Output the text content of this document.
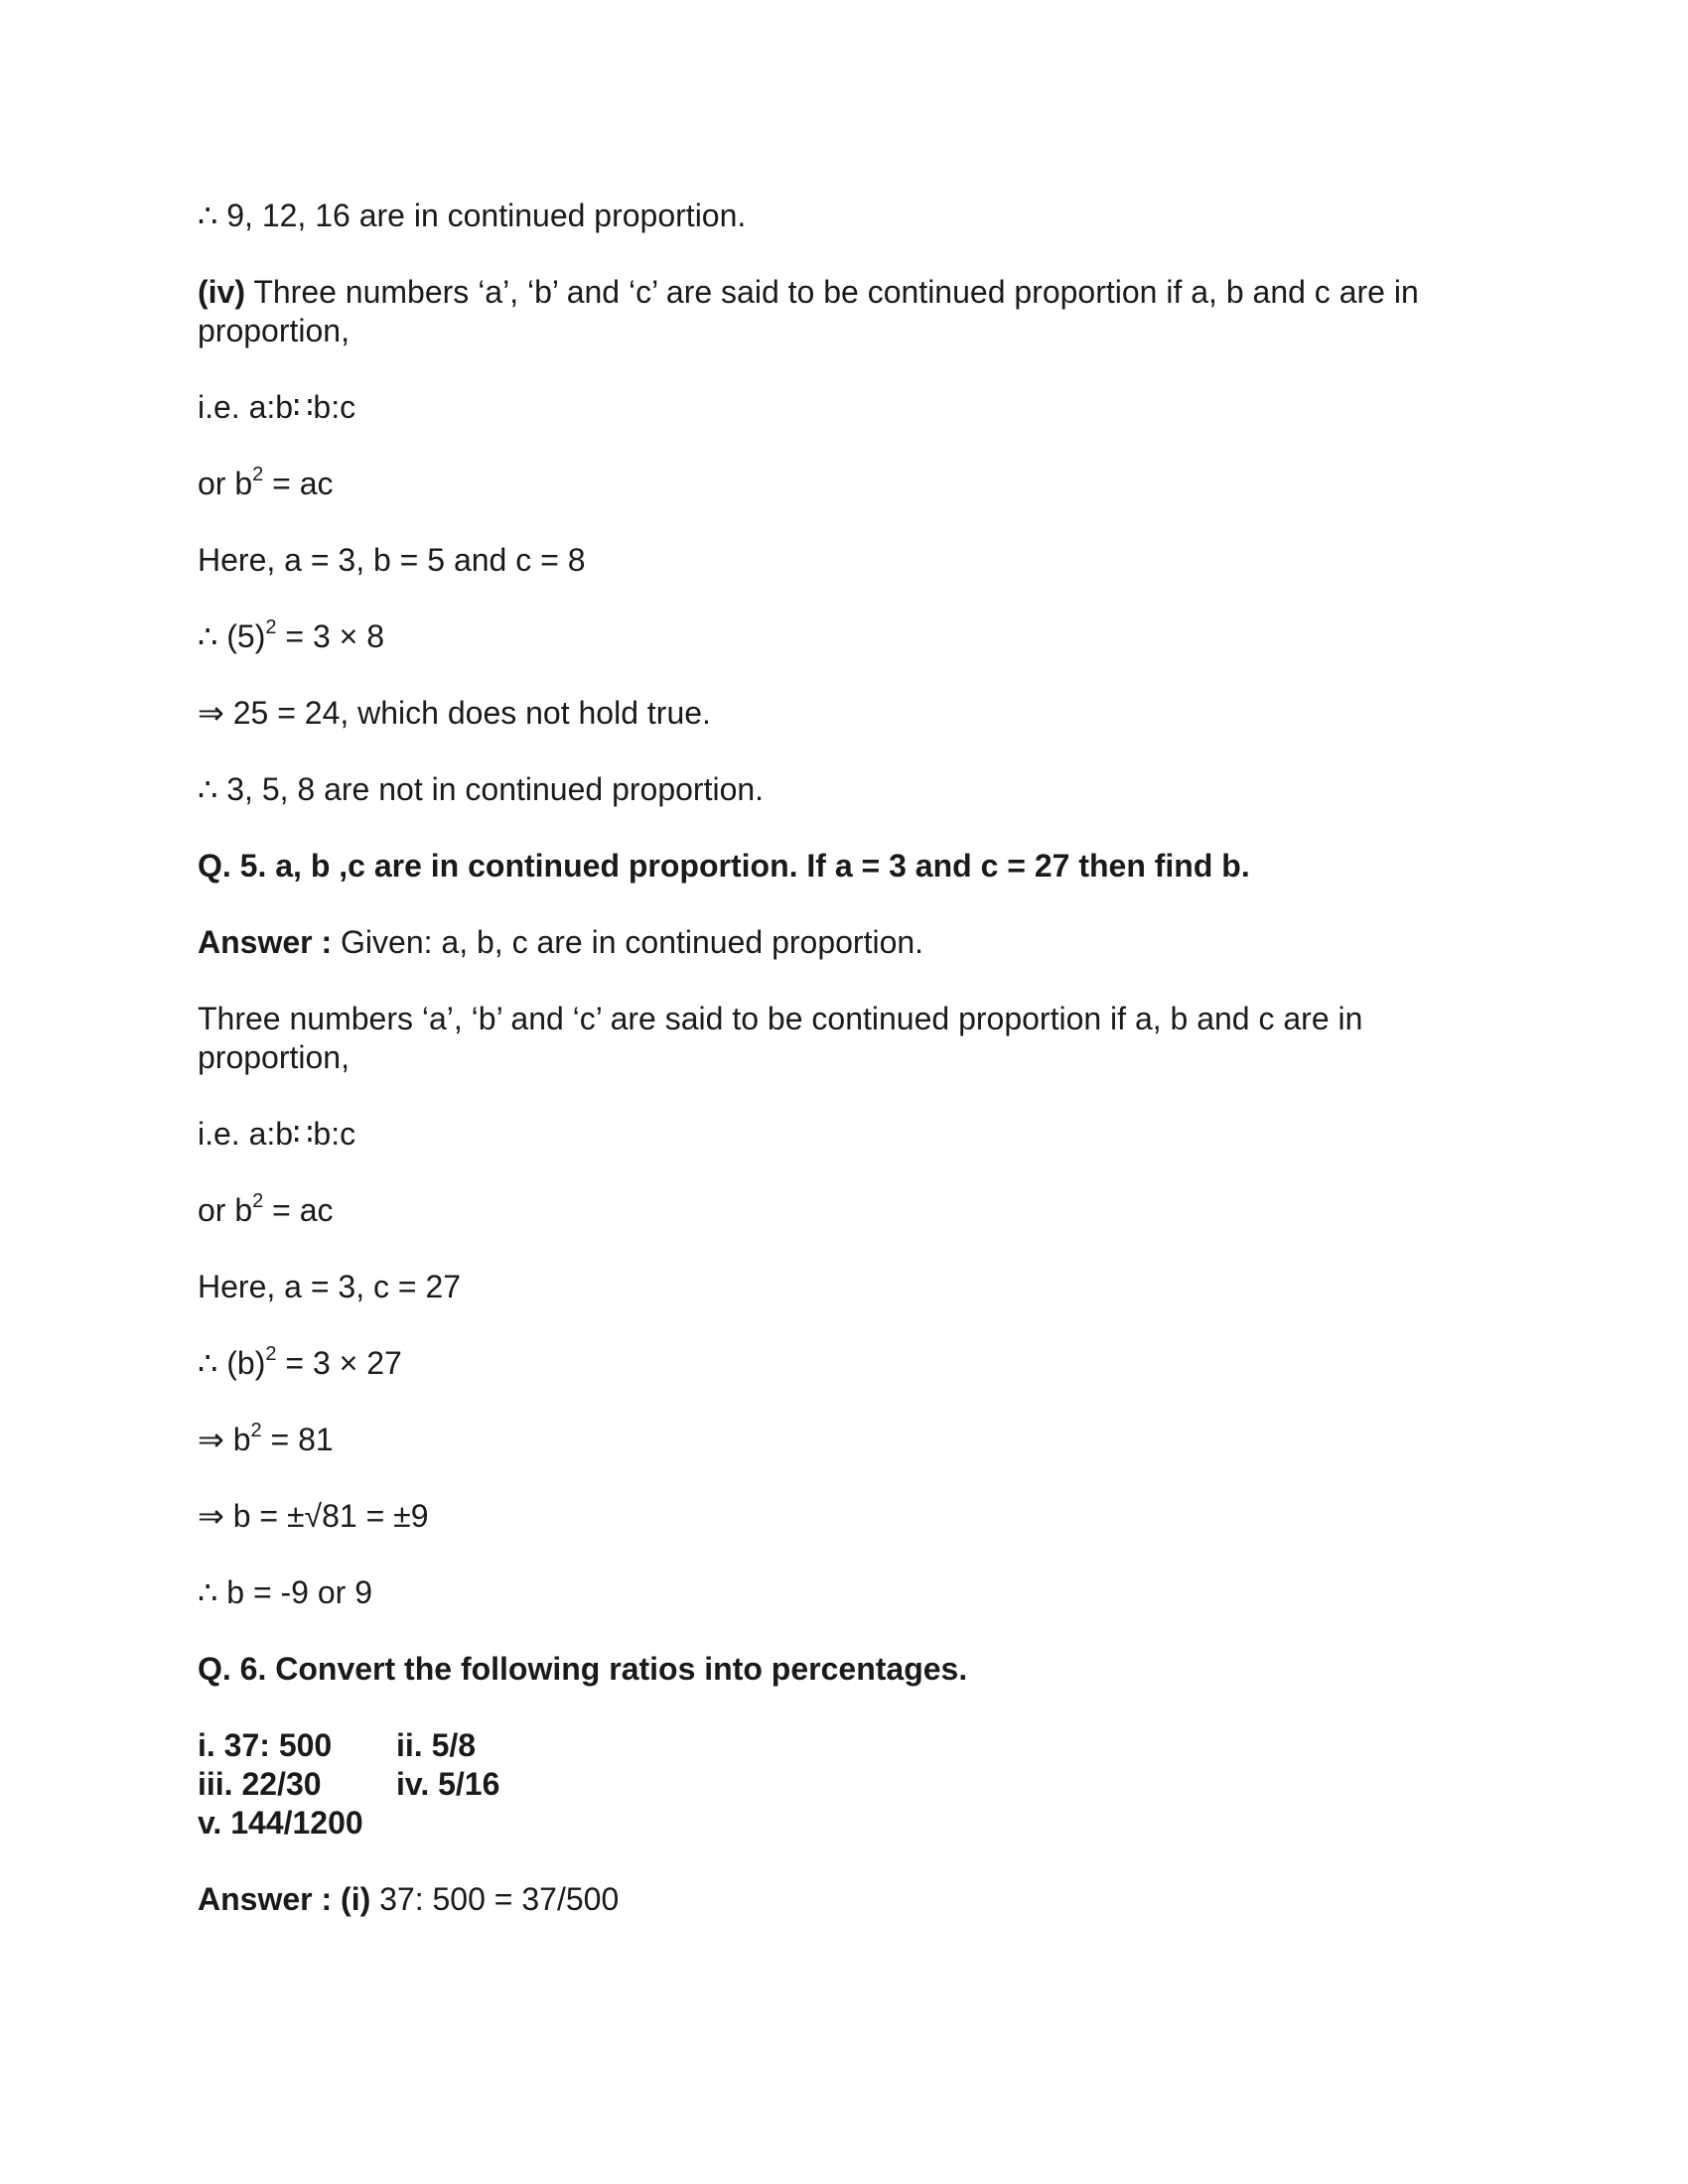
∴ 9, 12, 16 are in continued proportion.

(iv) Three numbers ‘a’, ‘b’ and ‘c’ are said to be continued proportion if a, b and c are in proportion,

i.e. a:b∷b:c

or $b^2$ = ac

Here, a = 3, b = 5 and c = 8

∴ $(5)^2 = 3 \times 8$

⇒ 25 = 24, which does not hold true.

∴ 3, 5, 8 are not in continued proportion.

Q. 5. a, b ,c are in continued proportion. If a = 3 and c = 27 then find b.

Answer : Given: a, b, c are in continued proportion.

Three numbers ‘a’, ‘b’ and ‘c’ are said to be continued proportion if a, b and c are in proportion,

i.e. a:b∷b:c

or $b^2$ = ac

Here, a = 3, c = 27

∴ $(b)^2 = 3 \times 27$

⇒ $b^2 = 81$

⇒ b = ±√81 = ±9

∴ b = -9 or 9

Q. 6. Convert the following ratios into percentages.

i. 37: 500	ii. 5/8
iii. 22/30	iv. 5/16
v. 144/1200

Answer : (i) 37: 500 = 37/500
